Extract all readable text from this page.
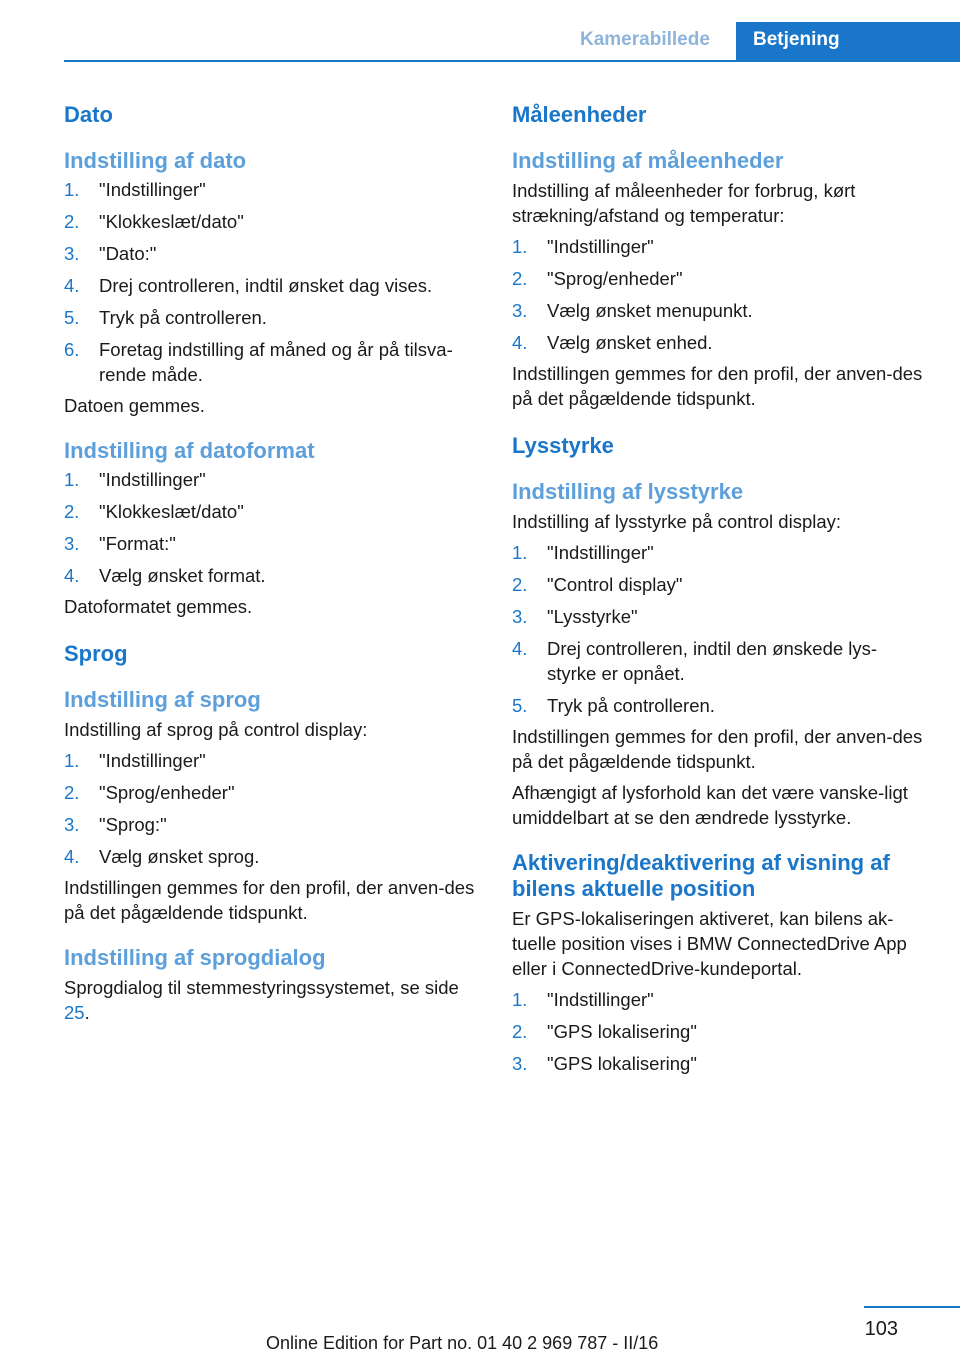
Kamerabillede	Betjening
Dato
Indstilling af dato
1. "Indstillinger"
2. "Klokkeslæt/dato"
3. "Dato:"
4. Drej controlleren, indtil ønsket dag vises.
5. Tryk på controlleren.
6. Foretag indstilling af måned og år på tilsva-rende måde.
Datoen gemmes.
Indstilling af datoformat
1. "Indstillinger"
2. "Klokkeslæt/dato"
3. "Format:"
4. Vælg ønsket format.
Datoformatet gemmes.
Sprog
Indstilling af sprog
Indstilling af sprog på control display:
1. "Indstillinger"
2. "Sprog/enheder"
3. "Sprog:"
4. Vælg ønsket sprog.
Indstillingen gemmes for den profil, der anven-des på det pågældende tidspunkt.
Indstilling af sprogdialog
Sprogdialog til stemmestyringssystemet, se side 25.
Måleenheder
Indstilling af måleenheder
Indstilling af måleenheder for forbrug, kørt strækning/afstand og temperatur:
1. "Indstillinger"
2. "Sprog/enheder"
3. Vælg ønsket menupunkt.
4. Vælg ønsket enhed.
Indstillingen gemmes for den profil, der anven-des på det pågældende tidspunkt.
Lysstyrke
Indstilling af lysstyrke
Indstilling af lysstyrke på control display:
1. "Indstillinger"
2. "Control display"
3. "Lysstyrke"
4. Drej controlleren, indtil den ønskede lys-styrke er opnået.
5. Tryk på controlleren.
Indstillingen gemmes for den profil, der anven-des på det pågældende tidspunkt.
Afhængigt af lysforhold kan det være vanske-ligt umiddelbart at se den ændrede lysstyrke.
Aktivering/deaktivering af visning af bilens aktuelle position
Er GPS-lokaliseringen aktiveret, kan bilens ak-tuelle position vises i BMW ConnectedDrive App eller i ConnectedDrive-kundeportal.
1. "Indstillinger"
2. "GPS lokalisering"
3. "GPS lokalisering"
103
Online Edition for Part no. 01 40 2 969 787 - II/16
